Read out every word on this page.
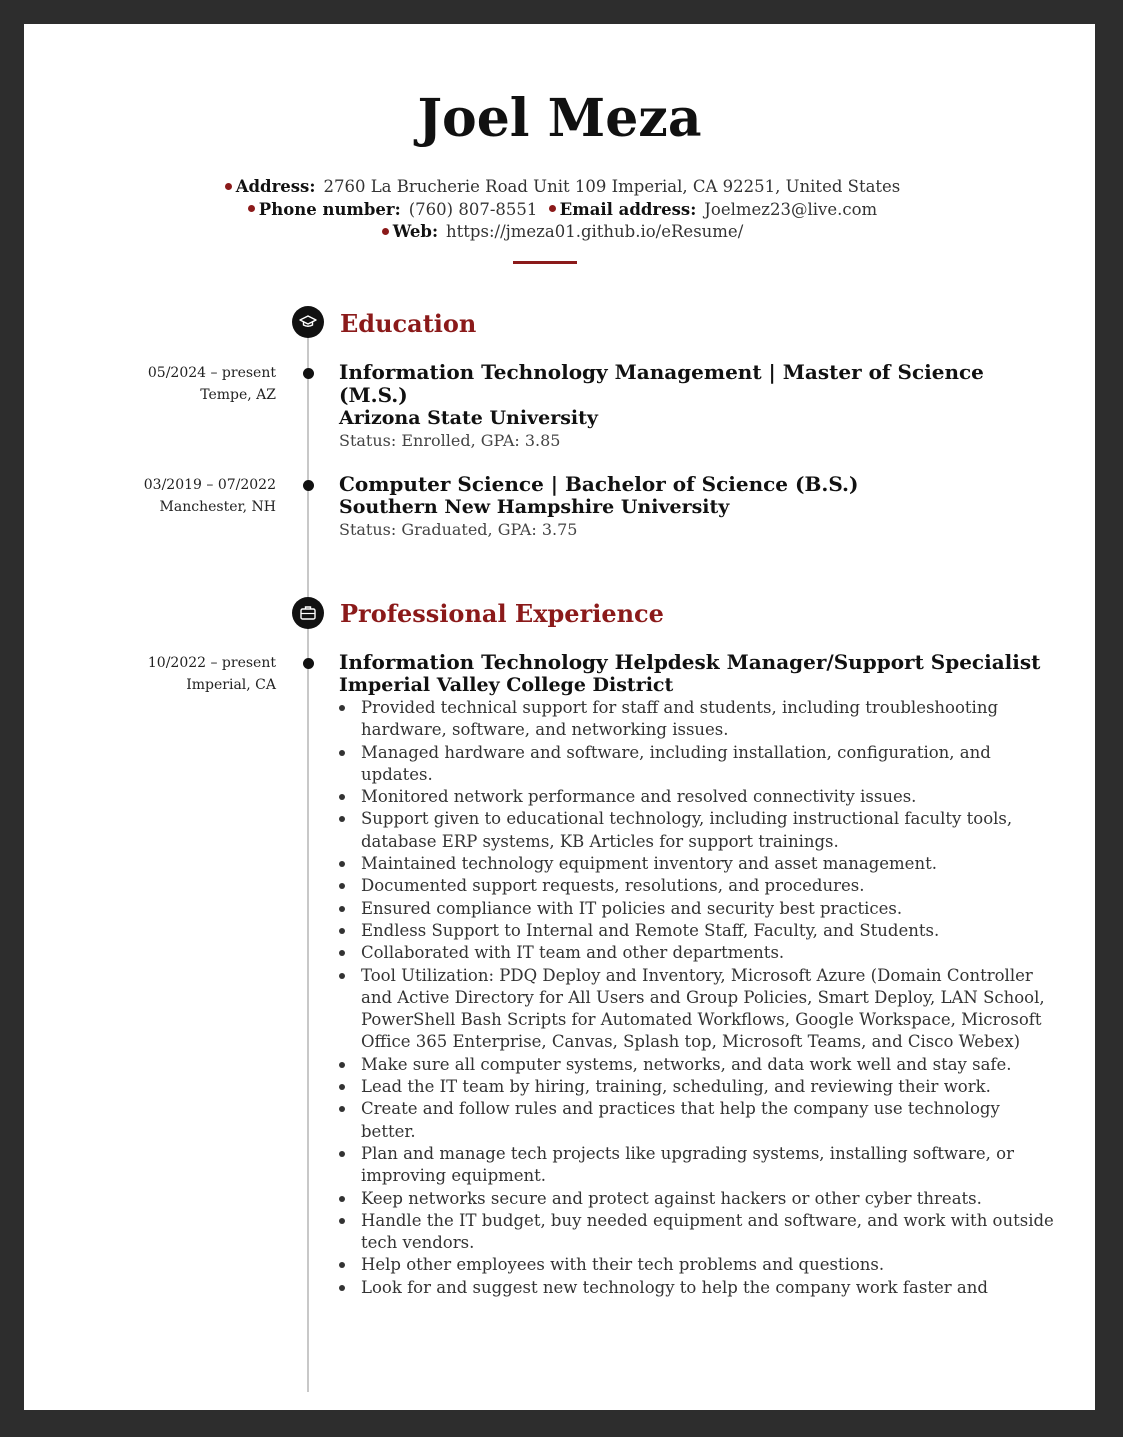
Joel Meza
Address: 2760 La Brucherie Road Unit 109 Imperial, CA 92251, United States
Phone number: (760) 807-8551 Email address: Joelmez23@live.com
Web: https://jmeza01.github.io/eResume/
Education
05/2024 – present
Tempe, AZ
Information Technology Management | Master of Science (M.S.)
Arizona State University
Status: Enrolled, GPA: 3.85
03/2019 – 07/2022
Manchester, NH
Computer Science | Bachelor of Science (B.S.)
Southern New Hampshire University
Status: Graduated, GPA: 3.75
Professional Experience
10/2022 – present
Imperial, CA
Information Technology Helpdesk Manager/Support Specialist
Imperial Valley College District
Provided technical support for staff and students, including troubleshooting hardware, software, and networking issues.
Managed hardware and software, including installation, configuration, and updates.
Monitored network performance and resolved connectivity issues.
Support given to educational technology, including instructional faculty tools, database ERP systems, KB Articles for support trainings.
Maintained technology equipment inventory and asset management.
Documented support requests, resolutions, and procedures.
Ensured compliance with IT policies and security best practices.
Endless Support to Internal and Remote Staff, Faculty, and Students.
Collaborated with IT team and other departments.
Tool Utilization: PDQ Deploy and Inventory, Microsoft Azure (Domain Controller and Active Directory for All Users and Group Policies, Smart Deploy, LAN School, PowerShell Bash Scripts for Automated Workflows, Google Workspace, Microsoft Office 365 Enterprise, Canvas, Splash top, Microsoft Teams, and Cisco Webex)
Make sure all computer systems, networks, and data work well and stay safe.
Lead the IT team by hiring, training, scheduling, and reviewing their work.
Create and follow rules and practices that help the company use technology better.
Plan and manage tech projects like upgrading systems, installing software, or improving equipment.
Keep networks secure and protect against hackers or other cyber threats.
Handle the IT budget, buy needed equipment and software, and work with outside tech vendors.
Help other employees with their tech problems and questions.
Look for and suggest new technology to help the company work faster and
